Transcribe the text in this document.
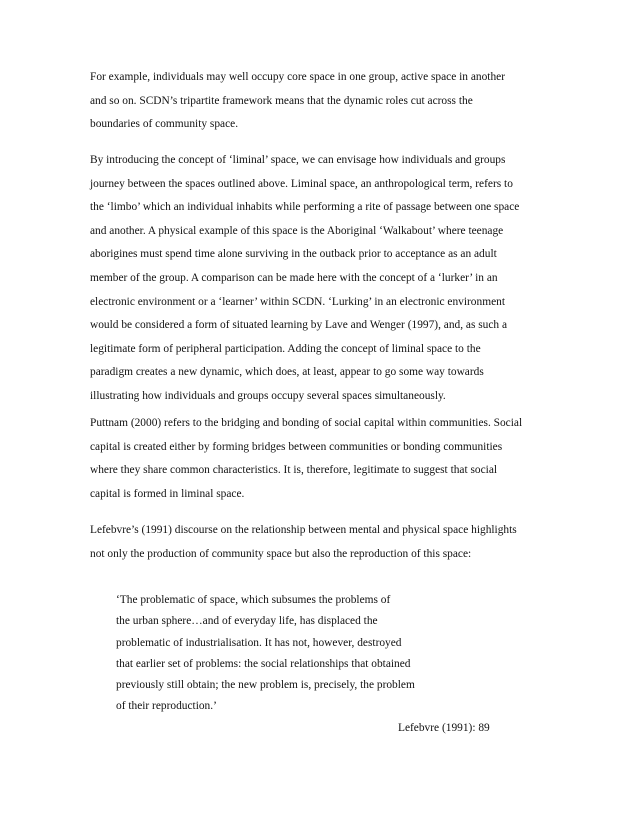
For example, individuals may well occupy core space in one group, active space in another
and so on. SCDN’s tripartite framework means that the dynamic roles cut across the
boundaries of community space.
By introducing the concept of ‘liminal’ space, we can envisage how individuals and groups
journey between the spaces outlined above. Liminal space, an anthropological term, refers to
the ‘limbo’ which an individual inhabits while performing a rite of passage between one space
and another. A physical example of this space is the Aboriginal ‘Walkabout’ where teenage
aborigines must spend time alone surviving in the outback prior to acceptance as an adult
member of the group. A comparison can be made here with the concept of a ‘lurker’ in an
electronic environment or a ‘learner’ within SCDN. ‘Lurking’ in an electronic environment
would be considered a form of situated learning by Lave and Wenger (1997), and, as such a
legitimate form of peripheral participation. Adding the concept of liminal space to the
paradigm creates a new dynamic, which does, at least, appear to go some way towards
illustrating how individuals and groups occupy several spaces simultaneously.
Puttnam (2000) refers to the bridging and bonding of social capital within communities. Social
capital is created either by forming bridges between communities or bonding communities
where they share common characteristics. It is, therefore, legitimate to suggest that social
capital is formed in liminal space.
Lefebvre’s (1991) discourse on the relationship between mental and physical space highlights
not only the production of community space but also the reproduction of this space:
‘The problematic of space, which subsumes the problems of
the urban sphere…and of everyday life, has displaced the
problematic of industrialisation. It has not, however, destroyed
that earlier set of problems: the social relationships that obtained
previously still obtain; the new problem is, precisely, the problem
of their reproduction.’
Lefebvre (1991): 89
